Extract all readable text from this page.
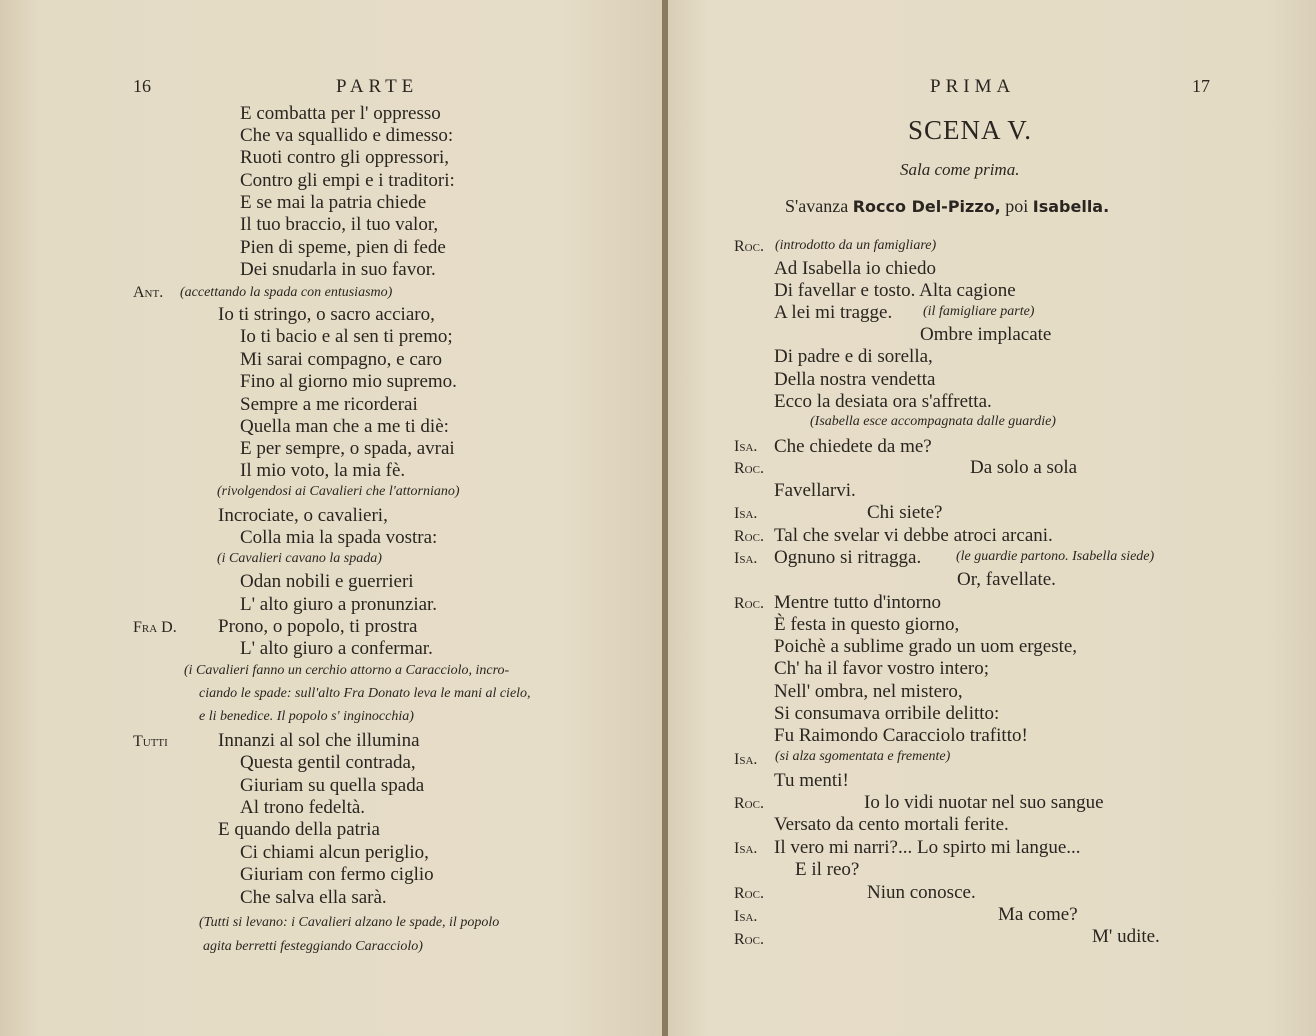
16	PARTE
E combatta per l' oppresso
Che va squallido e dimesso:
Ruoti contro gli oppressori,
Contro gli empi e i traditori:
E se mai la patria chiede
Il tuo braccio, il tuo valor,
Pien di speme, pien di fede
Dei snudarla in suo favor.
Ant. (accettando la spada con entusiasmo)
Io ti stringo, o sacro acciaro,
Io ti bacio e al sen ti premo;
Mi sarai compagno, e caro
Fino al giorno mio supremo.
Sempre a me ricorderai
Quella man che a me ti diè:
E per sempre, o spada, avrai
Il mio voto, la mia fè.
(rivolgendosi ai Cavalieri che l'attorniano)
Incrociate, o cavalieri,
Colla mia la spada vostra:
(i Cavalieri cavano la spada)
Odan nobili e guerrieri
L' alto giuro a pronunziar.
Fra D. Prono, o popolo, ti prostra
L' alto giuro a confermar.
(i Cavalieri fanno un cerchio attorno a Caracciolo, incro-
ciando le spade: sull'alto Fra Donato leva le mani al cielo,
e li benedice. Il popolo s' inginocchia)
Tutti	Innanzi al sol che illumina
Questa gentil contrada,
Giuriam su quella spada
Al trono fedeltà.
E quando della patria
Ci chiami alcun periglio,
Giuriam con fermo ciglio
Che salva ella sarà.
(Tutti si levano: i Cavalieri alzano le spade, il popolo
agita berretti festeggiando Caracciolo)
PRIMA	17
SCENA V.
Sala come prima.
S'avanza Rocco Del-Pizzo, poi Isabella.
Roc. (introdotto da un famigliare)
Ad Isabella io chiedo
Di favellar e tosto. Alta cagione
A lei mi tragge. (il famigliare parte)
Ombre implacate
Di padre e di sorella,
Della nostra vendetta
Ecco la desiata ora s'affretta.
(Isabella esce accompagnata dalle guardie)
Isa. Che chiedete da me?
Roc.	Da solo a sola
Favellarvi.
Isa.	Chi siete?
Roc. Tal che svelar vi debbe atroci arcani.
Isa. Ognuno si ritragga. (le guardie partono. Isabella siede)
Or, favellate.
Roc. Mentre tutto d'intorno
È festa in questo giorno,
Poichè a sublime grado un uom ergeste,
Ch' ha il favor vostro intero;
Nell' ombra, nel mistero,
Si consumava orribile delitto:
Fu Raimondo Caracciolo trafitto!
Isa. (si alza sgomentata e fremente)
Tu menti!
Roc.	Io lo vidi nuotar nel suo sangue
Versato da cento mortali ferite.
Isa. Il vero mi narri?... Lo spirto mi langue...
E il reo?
Roc.	Niun conosce.
Isa.	Ma come?
Roc.	M' udite.
